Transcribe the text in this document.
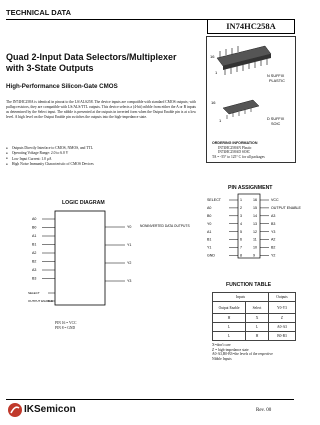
TECHNICAL DATA
IN74HC258A
Quad 2-Input Data Selectors/Multiplexer
with 3-State Outputs
High-Performance Silicon-Gate CMOS
The IN74HC258A is identical in pinout to the LS/ALS258. The device inputs are compatible with standard CMOS outputs; with pullup resistors, they are compatible with LS/ALS/TTL outputs. This device selects a (4-bit) nibble from either the A or B inputs as determined by the Select input. The nibble is presented at the outputs in inverted form when the Output Enable pin is at a low level. A high level on the Output Enable pin switches the outputs into the high-impedance state.
● Outputs Directly Interface to CMOS, NMOS, and TTL
● Operating Voltage Range: 2.0 to 6.0 V
● Low Input Current: 1.0 μA
● High Noise Immunity Characteristic of CMOS Devices
16
1
N SUFFIX
PLASTIC
16
1	D SUFFIX
SOIC
ORDERING INFORMATION
IN74HC258AN Plastic
IN74HC258AD SOIC
TA = -55° to 125° C for all packages
PIN ASSIGNMENT
SELECT	1	16	VCC
A0	2	15	OUTPUT ENABLE
B0	3	14	A3
Y0	4	13	B3
A1	5	12	Y3
B1	6	11	A2
Y1	7	10	B2
GND	8	9	Y2
LOGIC DIAGRAM
A0
B0
A1
B1
A2
B2
A3
B3
SELECT
OUTPUT ENABLE
Y0
Y1
Y2
Y3
NONINVERTED DATA OUTPUTS
PIN 16 = VCC
PIN 8 = GND
FUNCTION TABLE
Inputs		Outputs
Output Enable	Select	Y0-Y3
H	X	Z
L	L	A0-A3
L	H	B0-B3
X=don't care
Z = high-impedance state
A0-A3,B0-B3=the levels of the respective
Nibble Inputs
IKSemicon	Rev. 00
